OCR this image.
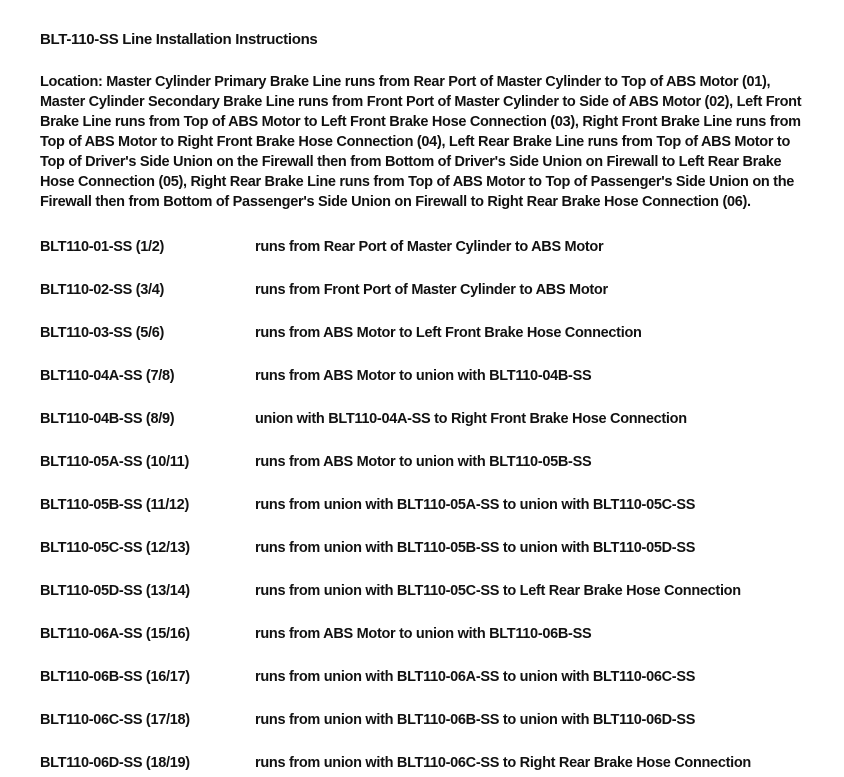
BLT-110-SS Line Installation Instructions

Location: Master Cylinder Primary Brake Line runs from Rear Port of Master Cylinder to Top of ABS Motor (01), Master Cylinder Secondary Brake Line runs from Front Port of Master Cylinder to Side of ABS Motor (02), Left Front Brake Line runs from Top of ABS Motor to Left Front Brake Hose Connection (03), Right Front Brake Line runs from Top of ABS Motor to Right Front Brake Hose Connection (04), Left Rear Brake Line runs from Top of ABS Motor to Top of Driver's Side Union on the Firewall then from Bottom of Driver's Side Union on Firewall to Left Rear Brake Hose Connection (05), Right Rear Brake Line runs from Top of ABS Motor to Top of Passenger's Side Union on the Firewall then from Bottom of Passenger's Side Union on Firewall to Right Rear Brake Hose Connection (06).

BLT110-01-SS (1/2)	runs from Rear Port of Master Cylinder to ABS Motor
BLT110-02-SS (3/4)	runs from Front Port of Master Cylinder to ABS Motor
BLT110-03-SS (5/6)	runs from ABS Motor to Left Front Brake Hose Connection
BLT110-04A-SS (7/8)	runs from ABS Motor to union with BLT110-04B-SS
BLT110-04B-SS (8/9)	union with BLT110-04A-SS to Right Front Brake Hose Connection
BLT110-05A-SS (10/11)	runs from ABS Motor to union with BLT110-05B-SS
BLT110-05B-SS (11/12)	runs from union with BLT110-05A-SS to union with BLT110-05C-SS
BLT110-05C-SS (12/13)	runs from union with BLT110-05B-SS to union with BLT110-05D-SS
BLT110-05D-SS (13/14)	runs from union with BLT110-05C-SS to Left Rear Brake Hose Connection
BLT110-06A-SS (15/16)	runs from ABS Motor to union with BLT110-06B-SS
BLT110-06B-SS (16/17)	runs from union with BLT110-06A-SS to union with BLT110-06C-SS
BLT110-06C-SS (17/18)	runs from union with BLT110-06B-SS to union with BLT110-06D-SS
BLT110-06D-SS (18/19)	runs from union with BLT110-06C-SS to Right Rear Brake Hose Connection
